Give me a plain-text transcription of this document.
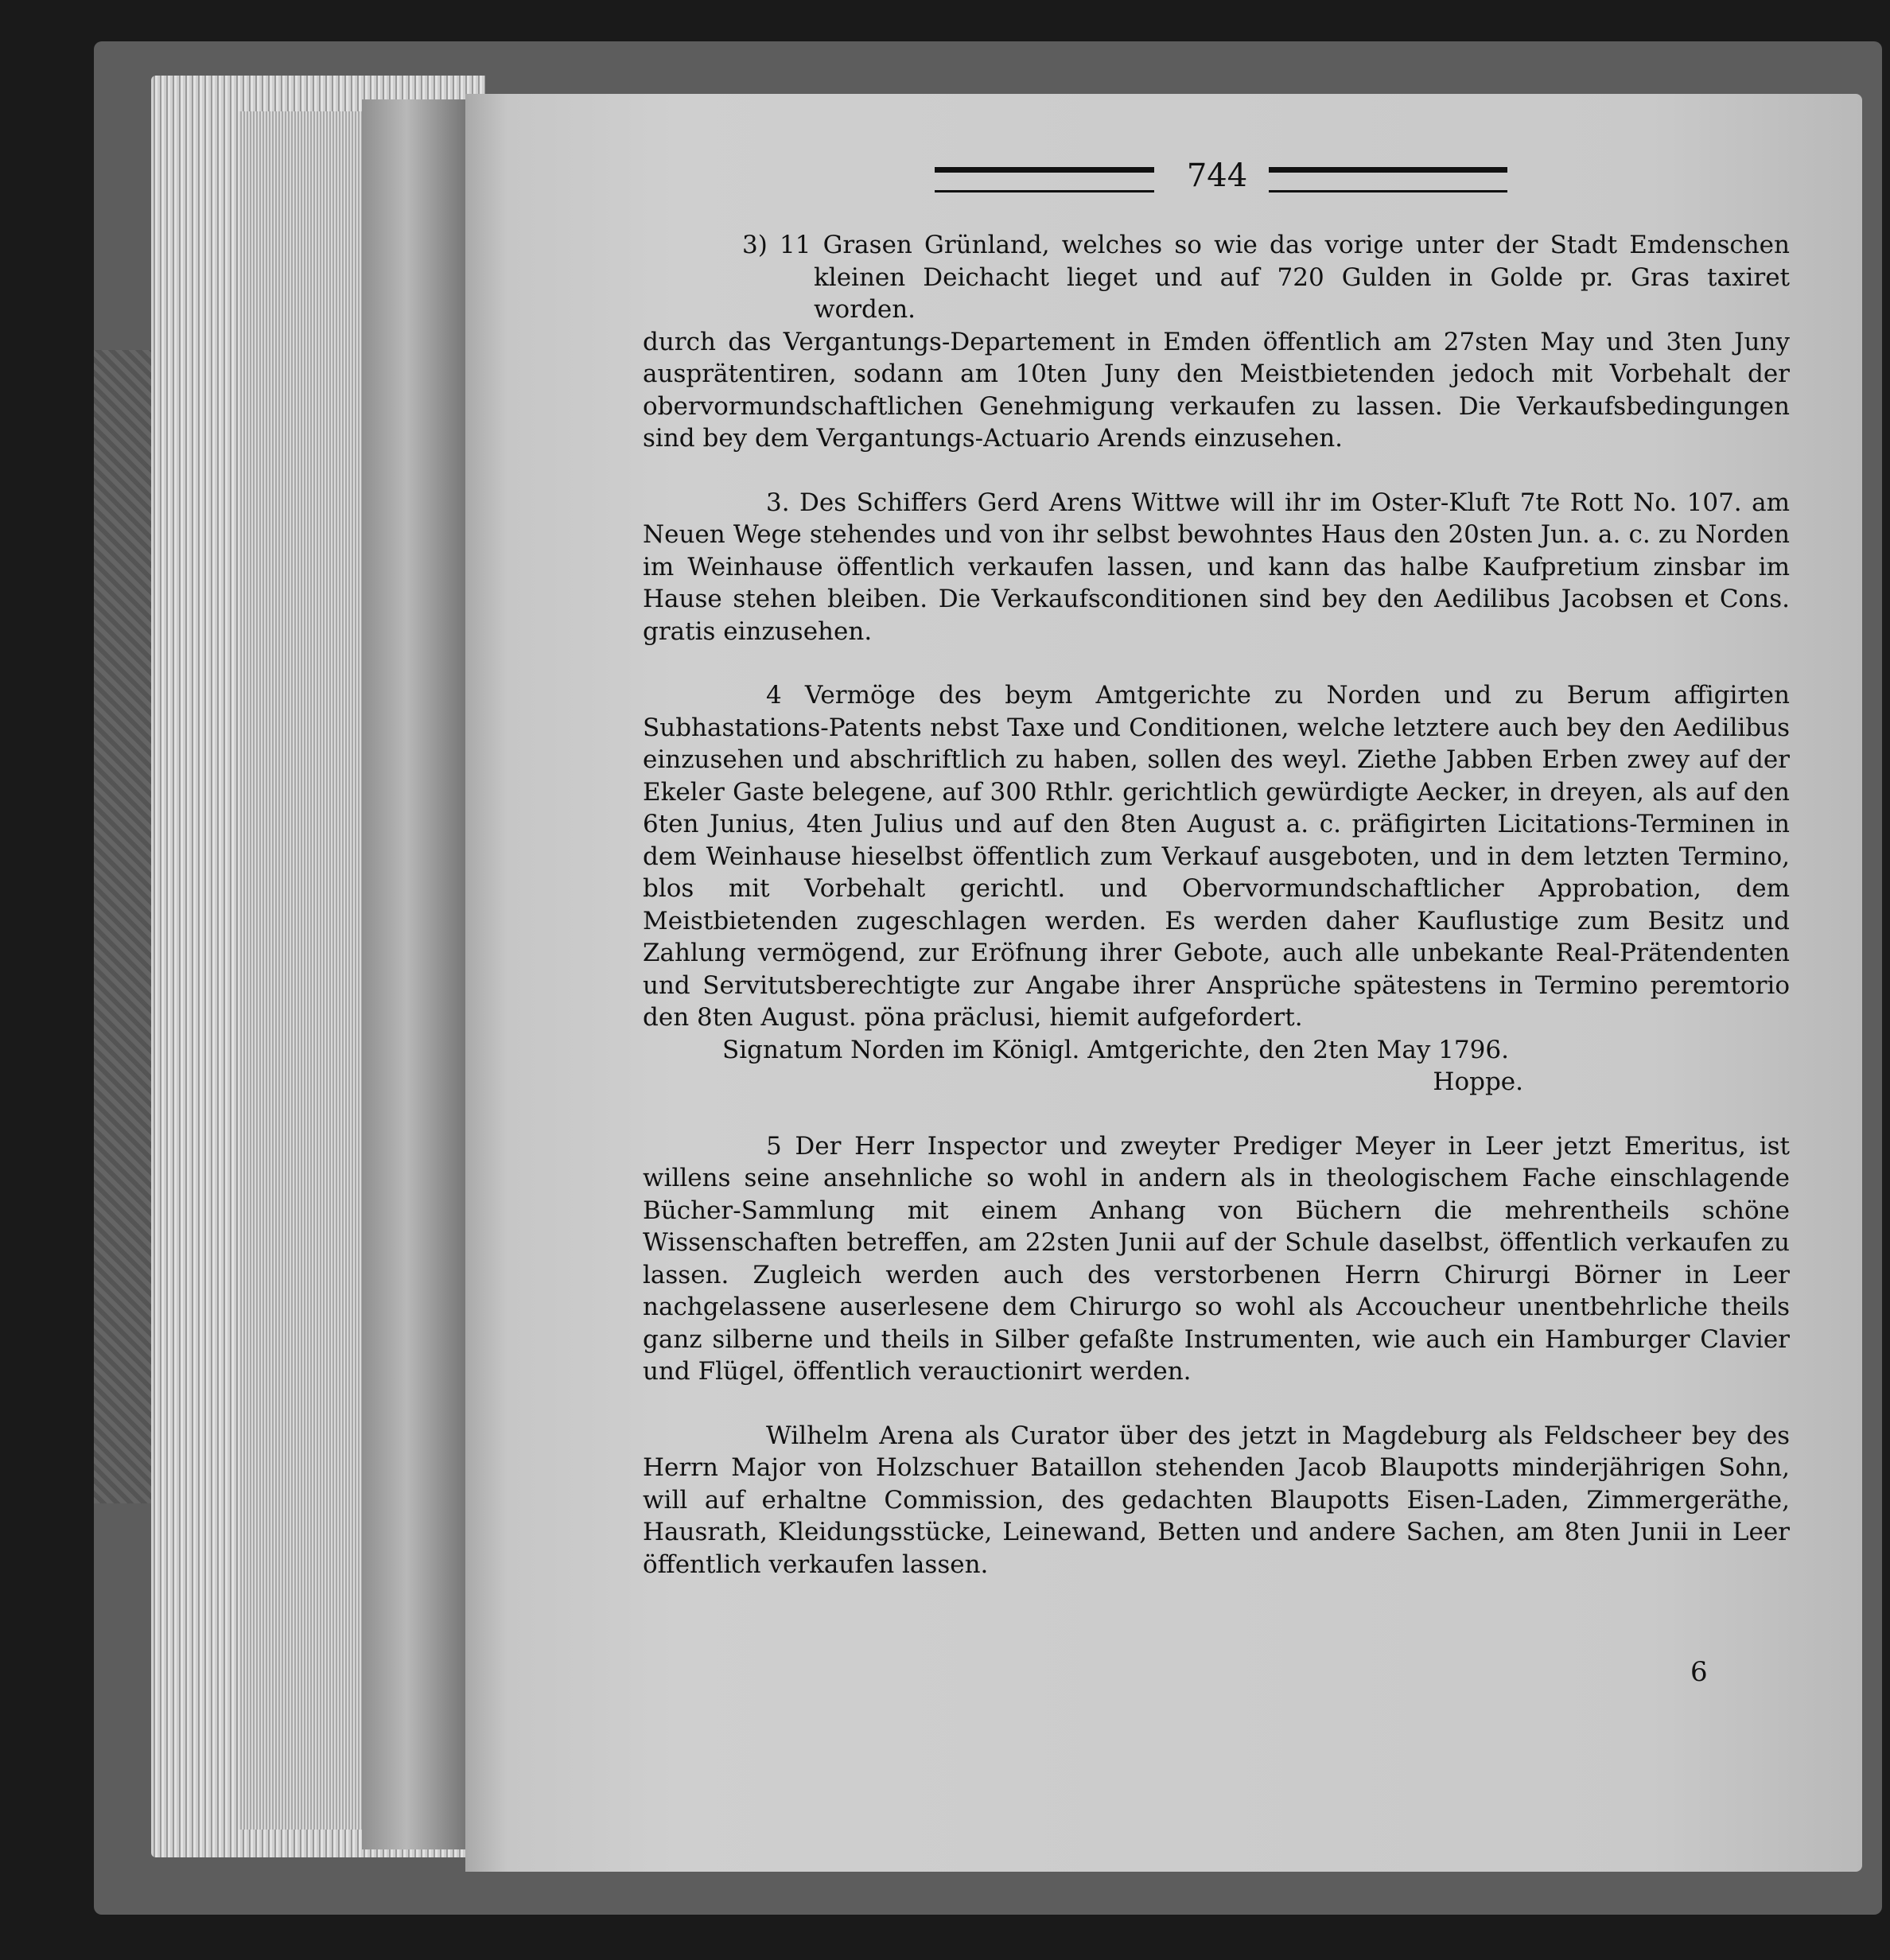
744

3) 11 Grasen Grünland, welches so wie das vorige unter der Stadt Emdenschen kleinen Deichacht lieget und auf 720 Gulden in Golde pr. Gras taxiret worden.

durch das Vergantungs-Departement in Emden öffentlich am 27sten May und 3ten Juny ausprätentiren, sodann am 10ten Juny den Meistbietenden jedoch mit Vorbehalt der obervormundschaftlichen Genehmigung verkaufen zu lassen. Die Verkaufsbedingungen sind bey dem Vergantungs-Actuario Arends einzusehen.

3. Des Schiffers Gerd Arens Wittwe will ihr im Oster-Kluft 7te Rott No. 107. am Neuen Wege stehendes und von ihr selbst bewohntes Haus den 20sten Jun. a. c. zu Norden im Weinhause öffentlich verkaufen lassen, und kann das halbe Kaufpretium zinsbar im Hause stehen bleiben. Die Verkaufsconditionen sind bey den Aedilibus Jacobsen et Cons. gratis einzusehen.

4 Vermöge des beym Amtgerichte zu Norden und zu Berum affigirten Subhastations-Patents nebst Taxe und Conditionen, welche letztere auch bey den Aedilibus einzusehen und abschriftlich zu haben, sollen des weyl. Ziethe Jabben Erben zwey auf der Ekeler Gaste belegene, auf 300 Rthlr. gerichtlich gewürdigte Aecker, in dreyen, als auf den 6ten Junius, 4ten Julius und auf den 8ten August a. c. präfigirten Licitations-Terminen in dem Weinhause hieselbst öffentlich zum Verkauf ausgeboten, und in dem letzten Termino, blos mit Vorbehalt gerichtl. und Obervormundschaftlicher Approbation, dem Meistbietenden zugeschlagen werden. Es werden daher Kauflustige zum Besitz und Zahlung vermögend, zur Eröfnung ihrer Gebote, auch alle unbekante Real-Prätendenten und Servitutsberechtigte zur Angabe ihrer Ansprüche spätestens in Termino peremtorio den 8ten August. pöna präclusi, hiemit aufgefordert.

Signatum Norden im Königl. Amtgerichte, den 2ten May 1796.

Hoppe.

5 Der Herr Inspector und zweyter Prediger Meyer in Leer jetzt Emeritus, ist willens seine ansehnliche so wohl in andern als in theologischem Fache einschlagende Bücher-Sammlung mit einem Anhang von Büchern die mehrentheils schöne Wissenschaften betreffen, am 22sten Junii auf der Schule daselbst, öffentlich verkaufen zu lassen. Zugleich werden auch des verstorbenen Herrn Chirurgi Börner in Leer nachgelassene auserlesene dem Chirurgo so wohl als Accoucheur unentbehrliche theils ganz silberne und theils in Silber gefaßte Instrumenten, wie auch ein Hamburger Clavier und Flügel, öffentlich verauctionirt werden.

Wilhelm Arena als Curator über des jetzt in Magdeburg als Feldscheer bey des Herrn Major von Holzschuer Bataillon stehenden Jacob Blaupotts minderjährigen Sohn, will auf erhaltne Commission, des gedachten Blaupotts Eisen-Laden, Zimmergeräthe, Hausrath, Kleidungsstücke, Leinewand, Betten und andere Sachen, am 8ten Junii in Leer öffentlich verkaufen lassen.

6
